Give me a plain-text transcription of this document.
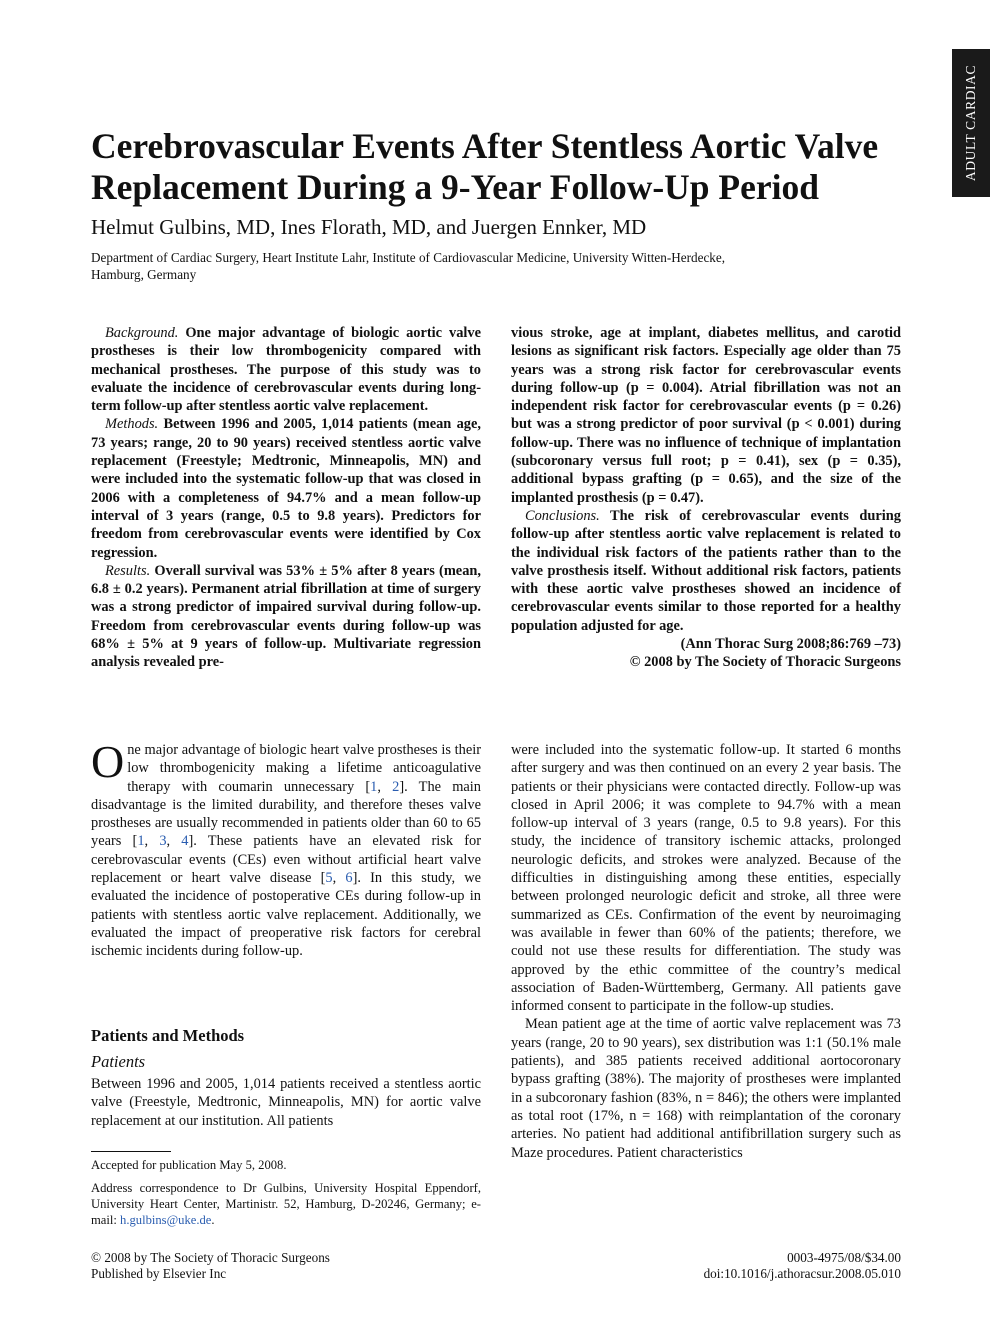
ADULT CARDIAC
Cerebrovascular Events After Stentless Aortic Valve
Replacement During a 9-Year Follow-Up Period
Helmut Gulbins, MD, Ines Florath, MD, and Juergen Ennker, MD
Department of Cardiac Surgery, Heart Institute Lahr, Institute of Cardiovascular Medicine, University Witten-Herdecke,
Hamburg, Germany

Background. One major advantage of biologic aortic valve prostheses is their low thrombogenicity compared with mechanical prostheses. The purpose of this study was to evaluate the incidence of cerebrovascular events during long-term follow-up after stentless aortic valve replacement.

Methods. Between 1996 and 2005, 1,014 patients (mean age, 73 years; range, 20 to 90 years) received stentless aortic valve replacement (Freestyle; Medtronic, Minneapolis, MN) and were included into the systematic follow-up that was closed in 2006 with a completeness of 94.7% and a mean follow-up interval of 3 years (range, 0.5 to 9.8 years). Predictors for freedom from cerebrovascular events were identified by Cox regression.

Results. Overall survival was 53% ± 5% after 8 years (mean, 6.8 ± 0.2 years). Permanent atrial fibrillation at time of surgery was a strong predictor of impaired survival during follow-up. Freedom from cerebrovascular events during follow-up was 68% ± 5% at 9 years of follow-up. Multivariate regression analysis revealed pre-

vious stroke, age at implant, diabetes mellitus, and carotid lesions as significant risk factors. Especially age older than 75 years was a strong risk factor for cerebrovascular events during follow-up (p = 0.004). Atrial fibrillation was not an independent risk factor for cerebrovascular events (p = 0.26) but was a strong predictor of poor survival (p < 0.001) during follow-up. There was no influence of technique of implantation (subcoronary versus full root; p = 0.41), sex (p = 0.35), additional bypass grafting (p = 0.65), and the size of the implanted prosthesis (p = 0.47).

Conclusions. The risk of cerebrovascular events during follow-up after stentless aortic valve replacement is related to the individual risk factors of the patients rather than to the valve prosthesis itself. Without additional risk factors, patients with these aortic valve prostheses showed an incidence of cerebrovascular events similar to those reported for a healthy population adjusted for age.

(Ann Thorac Surg 2008;86:769 –73)

© 2008 by The Society of Thoracic Surgeons

One major advantage of biologic heart valve prostheses is their low thrombogenicity making a lifetime anticoagulative therapy with coumarin unnecessary [1, 2]. The main disadvantage is the limited durability, and therefore theses valve prostheses are usually recommended in patients older than 60 to 65 years [1, 3, 4]. These patients have an elevated risk for cerebrovascular events (CEs) even without artificial heart valve replacement or heart valve disease [5, 6]. In this study, we evaluated the incidence of postoperative CEs during follow-up in patients with stentless aortic valve replacement. Additionally, we evaluated the impact of preoperative risk factors for cerebral ischemic incidents during follow-up.

Patients and Methods
Patients

Between 1996 and 2005, 1,014 patients received a stentless aortic valve (Freestyle, Medtronic, Minneapolis, MN) for aortic valve replacement at our institution. All patients

Accepted for publication May 5, 2008.
Address correspondence to Dr Gulbins, University Hospital Eppendorf, University Heart Center, Martinistr. 52, Hamburg, D-20246, Germany; e-mail: h.gulbins@uke.de.

were included into the systematic follow-up. It started 6 months after surgery and was then continued on an every 2 year basis. The patients or their physicians were contacted directly. Follow-up was closed in April 2006; it was complete to 94.7% with a mean follow-up interval of 3 years (range, 0.5 to 9.8 years). For this study, the incidence of transitory ischemic attacks, prolonged neurologic deficits, and strokes were analyzed. Because of the difficulties in distinguishing among these entities, especially between prolonged neurologic deficit and stroke, all three were summarized as CEs. Confirmation of the event by neuroimaging was available in fewer than 60% of the patients; therefore, we could not use these results for differentiation. The study was approved by the ethic committee of the country’s medical association of Baden-Württemberg, Germany. All patients gave informed consent to participate in the follow-up studies.

Mean patient age at the time of aortic valve replacement was 73 years (range, 20 to 90 years), sex distribution was 1:1 (50.1% male patients), and 385 patients received additional aortocoronary bypass grafting (38%). The majority of prostheses were implanted in a subcoronary fashion (83%, n = 846); the others were implanted as total root (17%, n = 168) with reimplantation of the coronary arteries. No patient had additional antifibrillation surgery such as Maze procedures. Patient characteristics

© 2008 by The Society of Thoracic Surgeons
Published by Elsevier Inc
0003-4975/08/$34.00
doi:10.1016/j.athoracsur.2008.05.010
